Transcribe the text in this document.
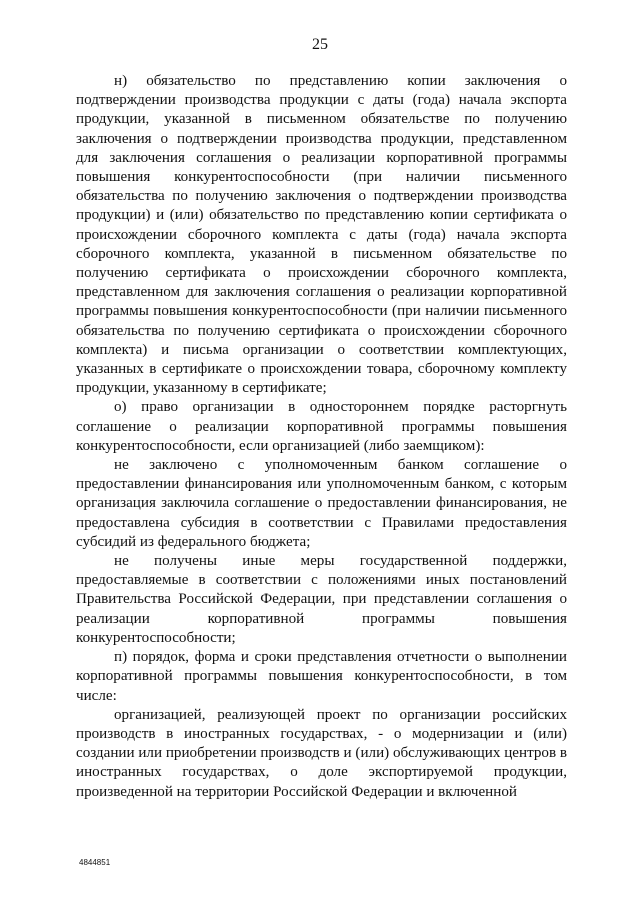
25

н) обязательство по представлению копии заключения о подтверждении производства продукции с даты (года) начала экспорта продукции, указанной в письменном обязательстве по получению заключения о подтверждении производства продукции, представленном для заключения соглашения о реализации корпоративной программы повышения конкурентоспособности (при наличии письменного обязательства по получению заключения о подтверждении производства продукции) и (или) обязательство по представлению копии сертификата о происхождении сборочного комплекта с даты (года) начала экспорта сборочного комплекта, указанной в письменном обязательстве по получению сертификата о происхождении сборочного комплекта, представленном для заключения соглашения о реализации корпоративной программы повышения конкурентоспособности (при наличии письменного обязательства по получению сертификата о происхождении сборочного комплекта) и письма организации о соответствии комплектующих, указанных в сертификате о происхождении товара, сборочному комплекту продукции, указанному в сертификате;

о) право организации в одностороннем порядке расторгнуть соглашение о реализации корпоративной программы повышения конкурентоспособности, если организацией (либо заемщиком):

не заключено с уполномоченным банком соглашение о предоставлении финансирования или уполномоченным банком, с которым организация заключила соглашение о предоставлении финансирования, не предоставлена субсидия в соответствии с Правилами предоставления субсидий из федерального бюджета;

не получены иные меры государственной поддержки, предоставляемые в соответствии с положениями иных постановлений Правительства Российской Федерации, при представлении соглашения о реализации корпоративной программы повышения конкурентоспособности;

п) порядок, форма и сроки представления отчетности о выполнении корпоративной программы повышения конкурентоспособности, в том числе:

организацией, реализующей проект по организации российских производств в иностранных государствах, - о модернизации и (или) создании или приобретении производств и (или) обслуживающих центров в иностранных государствах, о доле экспортируемой продукции, произведенной на территории Российской Федерации и включенной

4844851
